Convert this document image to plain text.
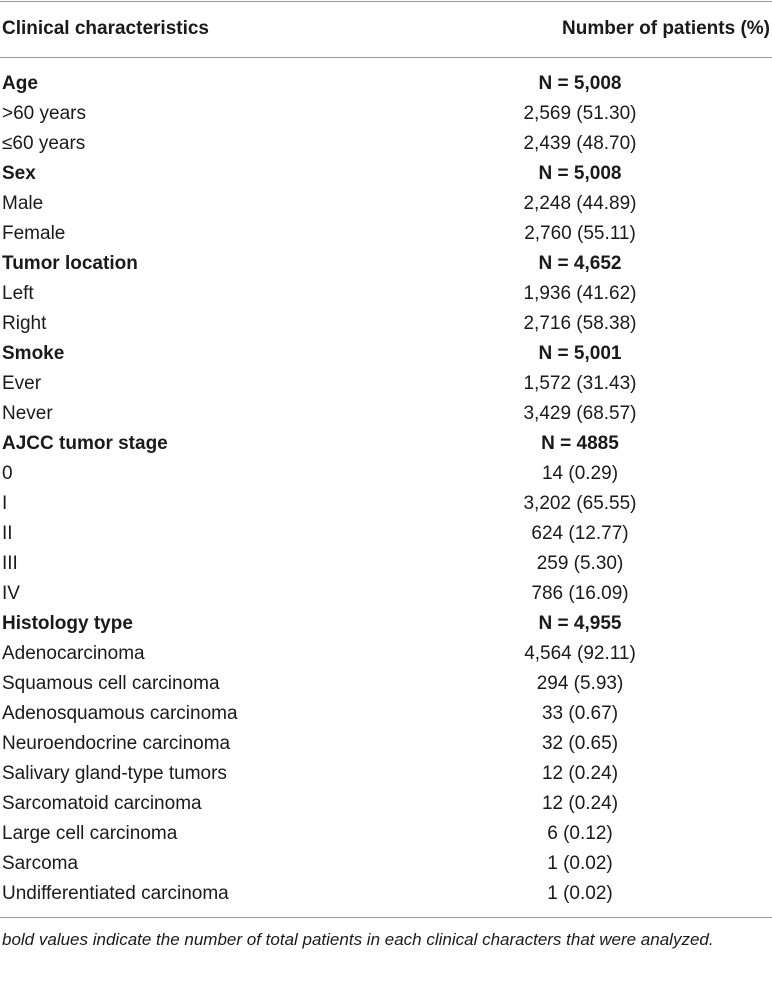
Clinical characteristics	Number of patients (%)
Age	N = 5,008
>60 years	2,569 (51.30)
≤60 years	2,439 (48.70)
Sex	N = 5,008
Male	2,248 (44.89)
Female	2,760 (55.11)
Tumor location	N = 4,652
Left	1,936 (41.62)
Right	2,716 (58.38)
Smoke	N = 5,001
Ever	1,572 (31.43)
Never	3,429 (68.57)
AJCC tumor stage	N = 4885
0	14 (0.29)
I	3,202 (65.55)
II	624 (12.77)
III	259 (5.30)
IV	786 (16.09)
Histology type	N = 4,955
Adenocarcinoma	4,564 (92.11)
Squamous cell carcinoma	294 (5.93)
Adenosquamous carcinoma	33 (0.67)
Neuroendocrine carcinoma	32 (0.65)
Salivary gland-type tumors	12 (0.24)
Sarcomatoid carcinoma	12 (0.24)
Large cell carcinoma	6 (0.12)
Sarcoma	1 (0.02)
Undifferentiated carcinoma	1 (0.02)
bold values indicate the number of total patients in each clinical characters that were analyzed.
